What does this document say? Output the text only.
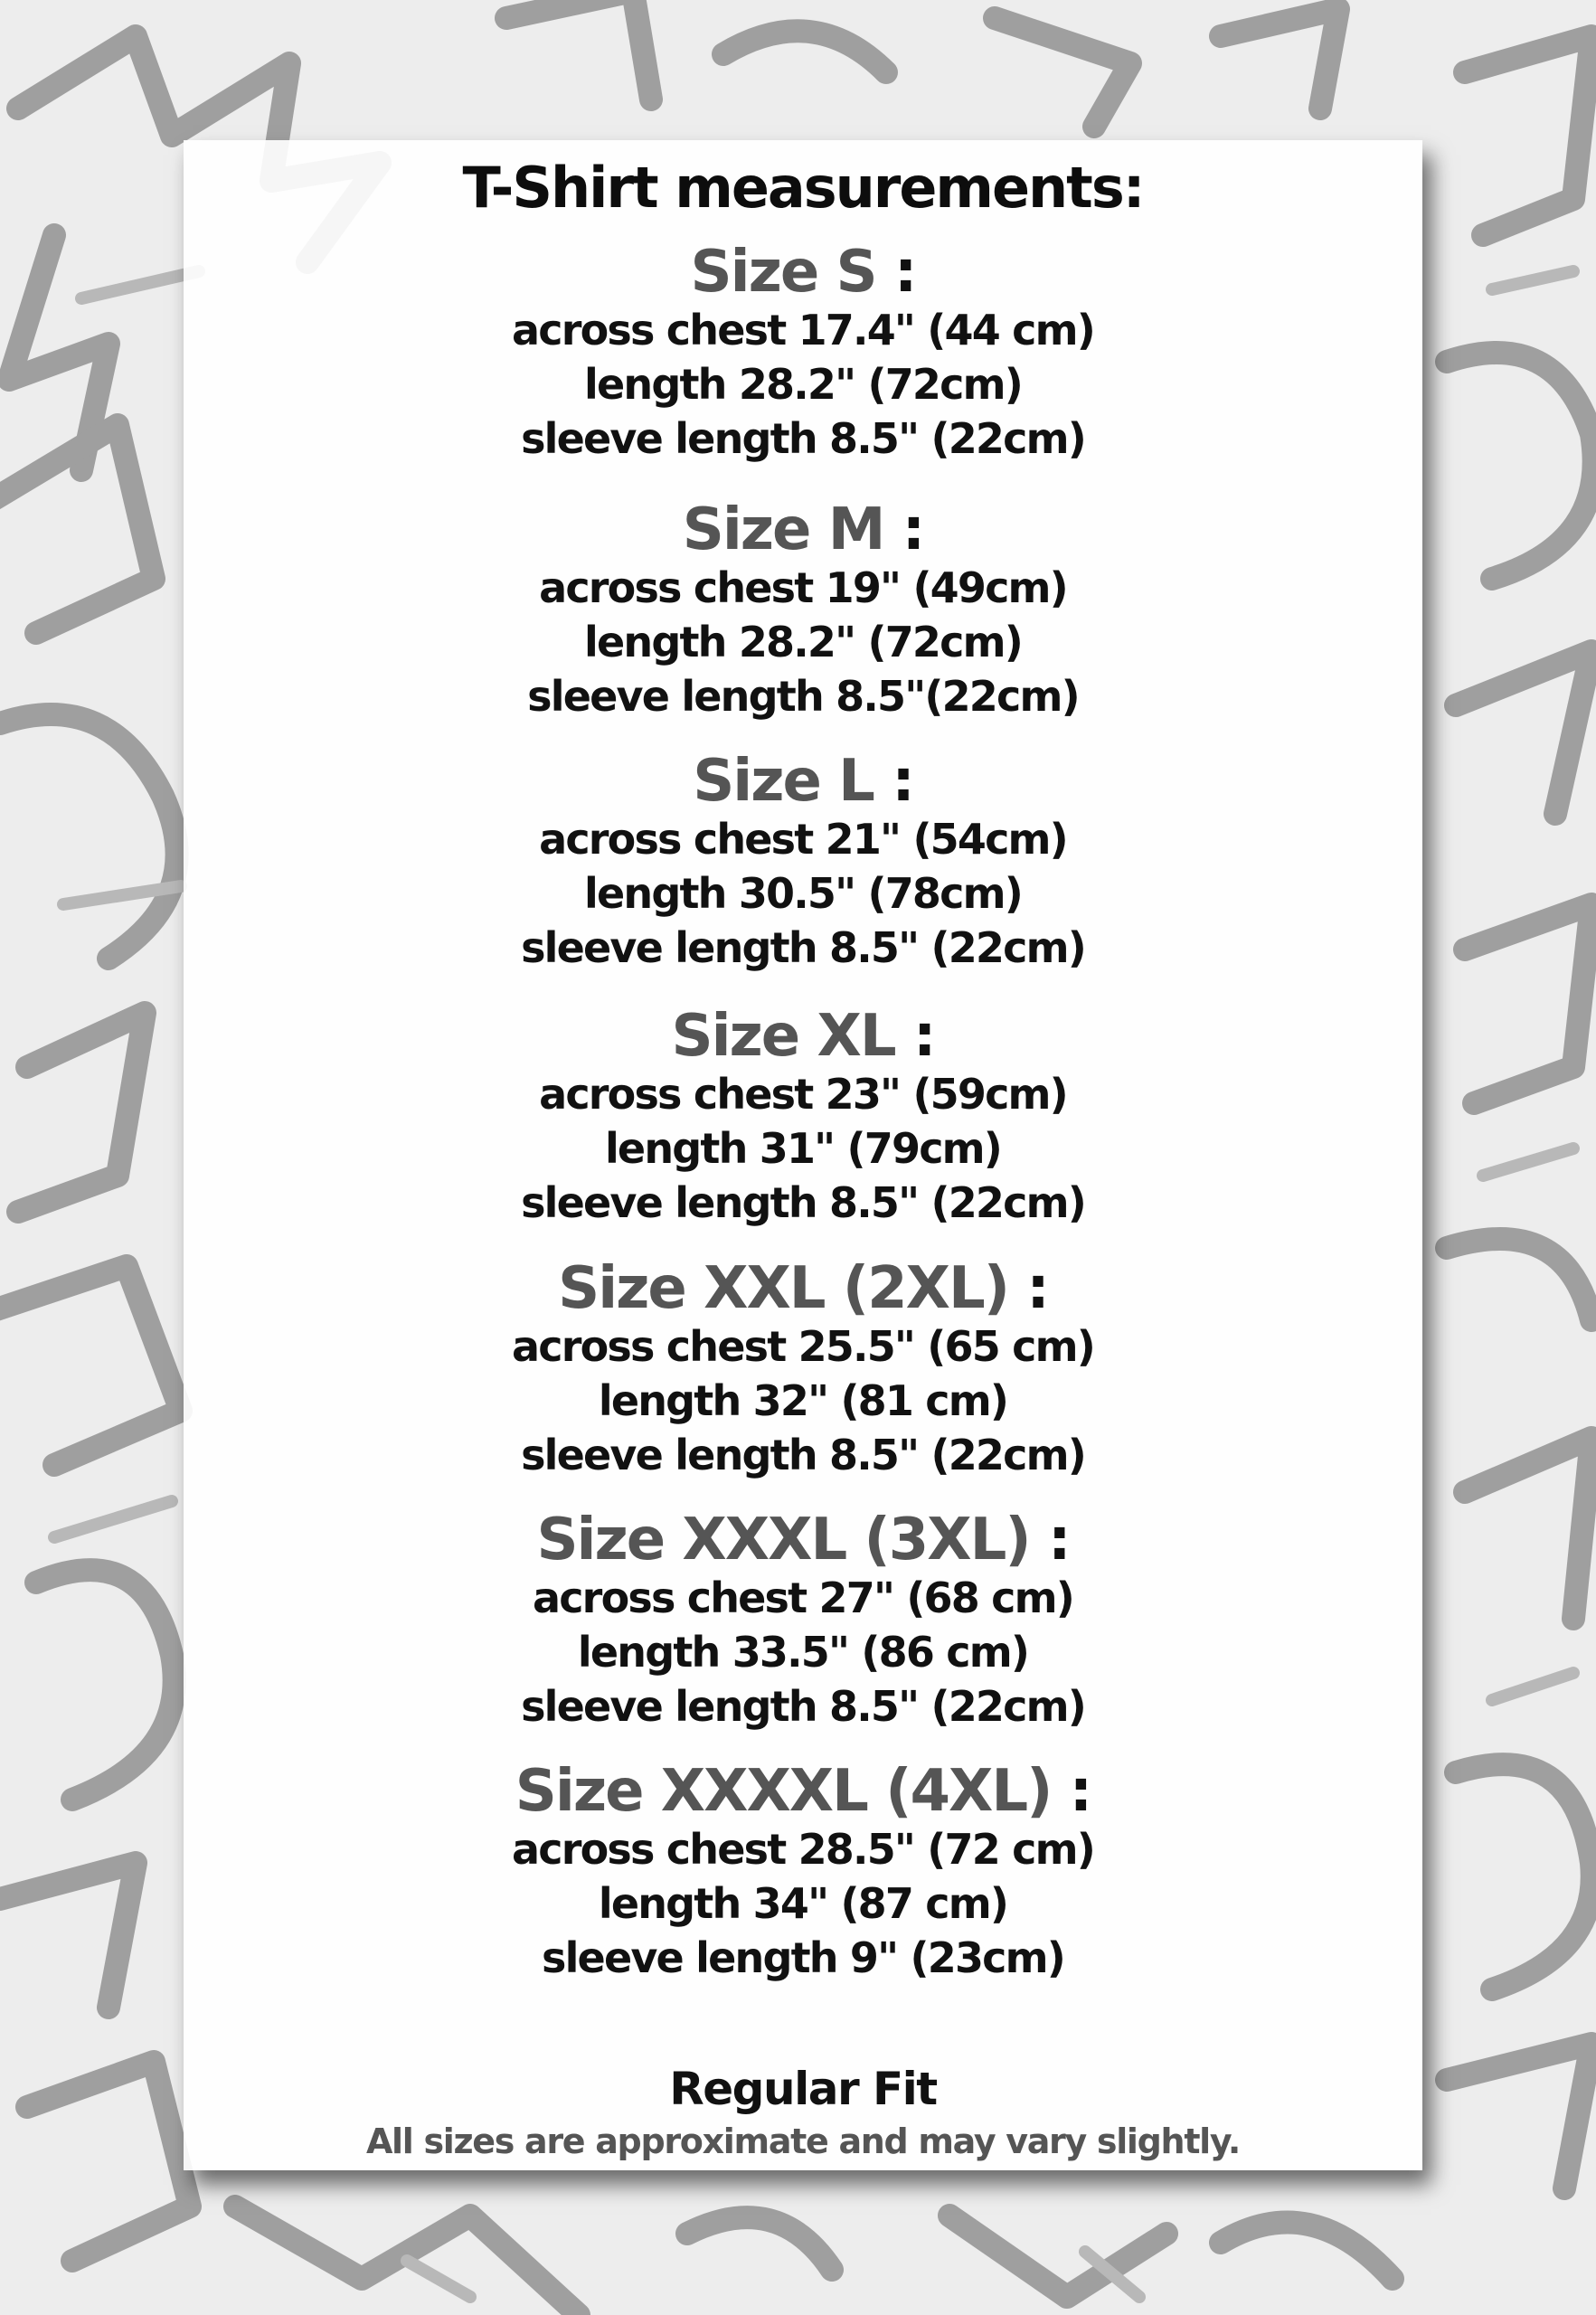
T-Shirt measurements:
Size S :
across chest 17.4" (44 cm)
length 28.2" (72cm)
sleeve length 8.5" (22cm)
Size M :
across chest 19" (49cm)
length 28.2" (72cm)
sleeve length 8.5"(22cm)
Size L :
across chest 21" (54cm)
length 30.5" (78cm)
sleeve length 8.5" (22cm)
Size XL :
across chest 23" (59cm)
length 31" (79cm)
sleeve length 8.5" (22cm)
Size XXL (2XL) :
across chest 25.5" (65 cm)
length 32" (81 cm)
sleeve length 8.5" (22cm)
Size XXXL (3XL) :
across chest 27" (68 cm)
length 33.5" (86 cm)
sleeve length 8.5" (22cm)
Size XXXXL (4XL) :
across chest 28.5" (72 cm)
length 34" (87 cm)
sleeve length 9" (23cm)
Regular Fit
All sizes are approximate and may vary slightly.
